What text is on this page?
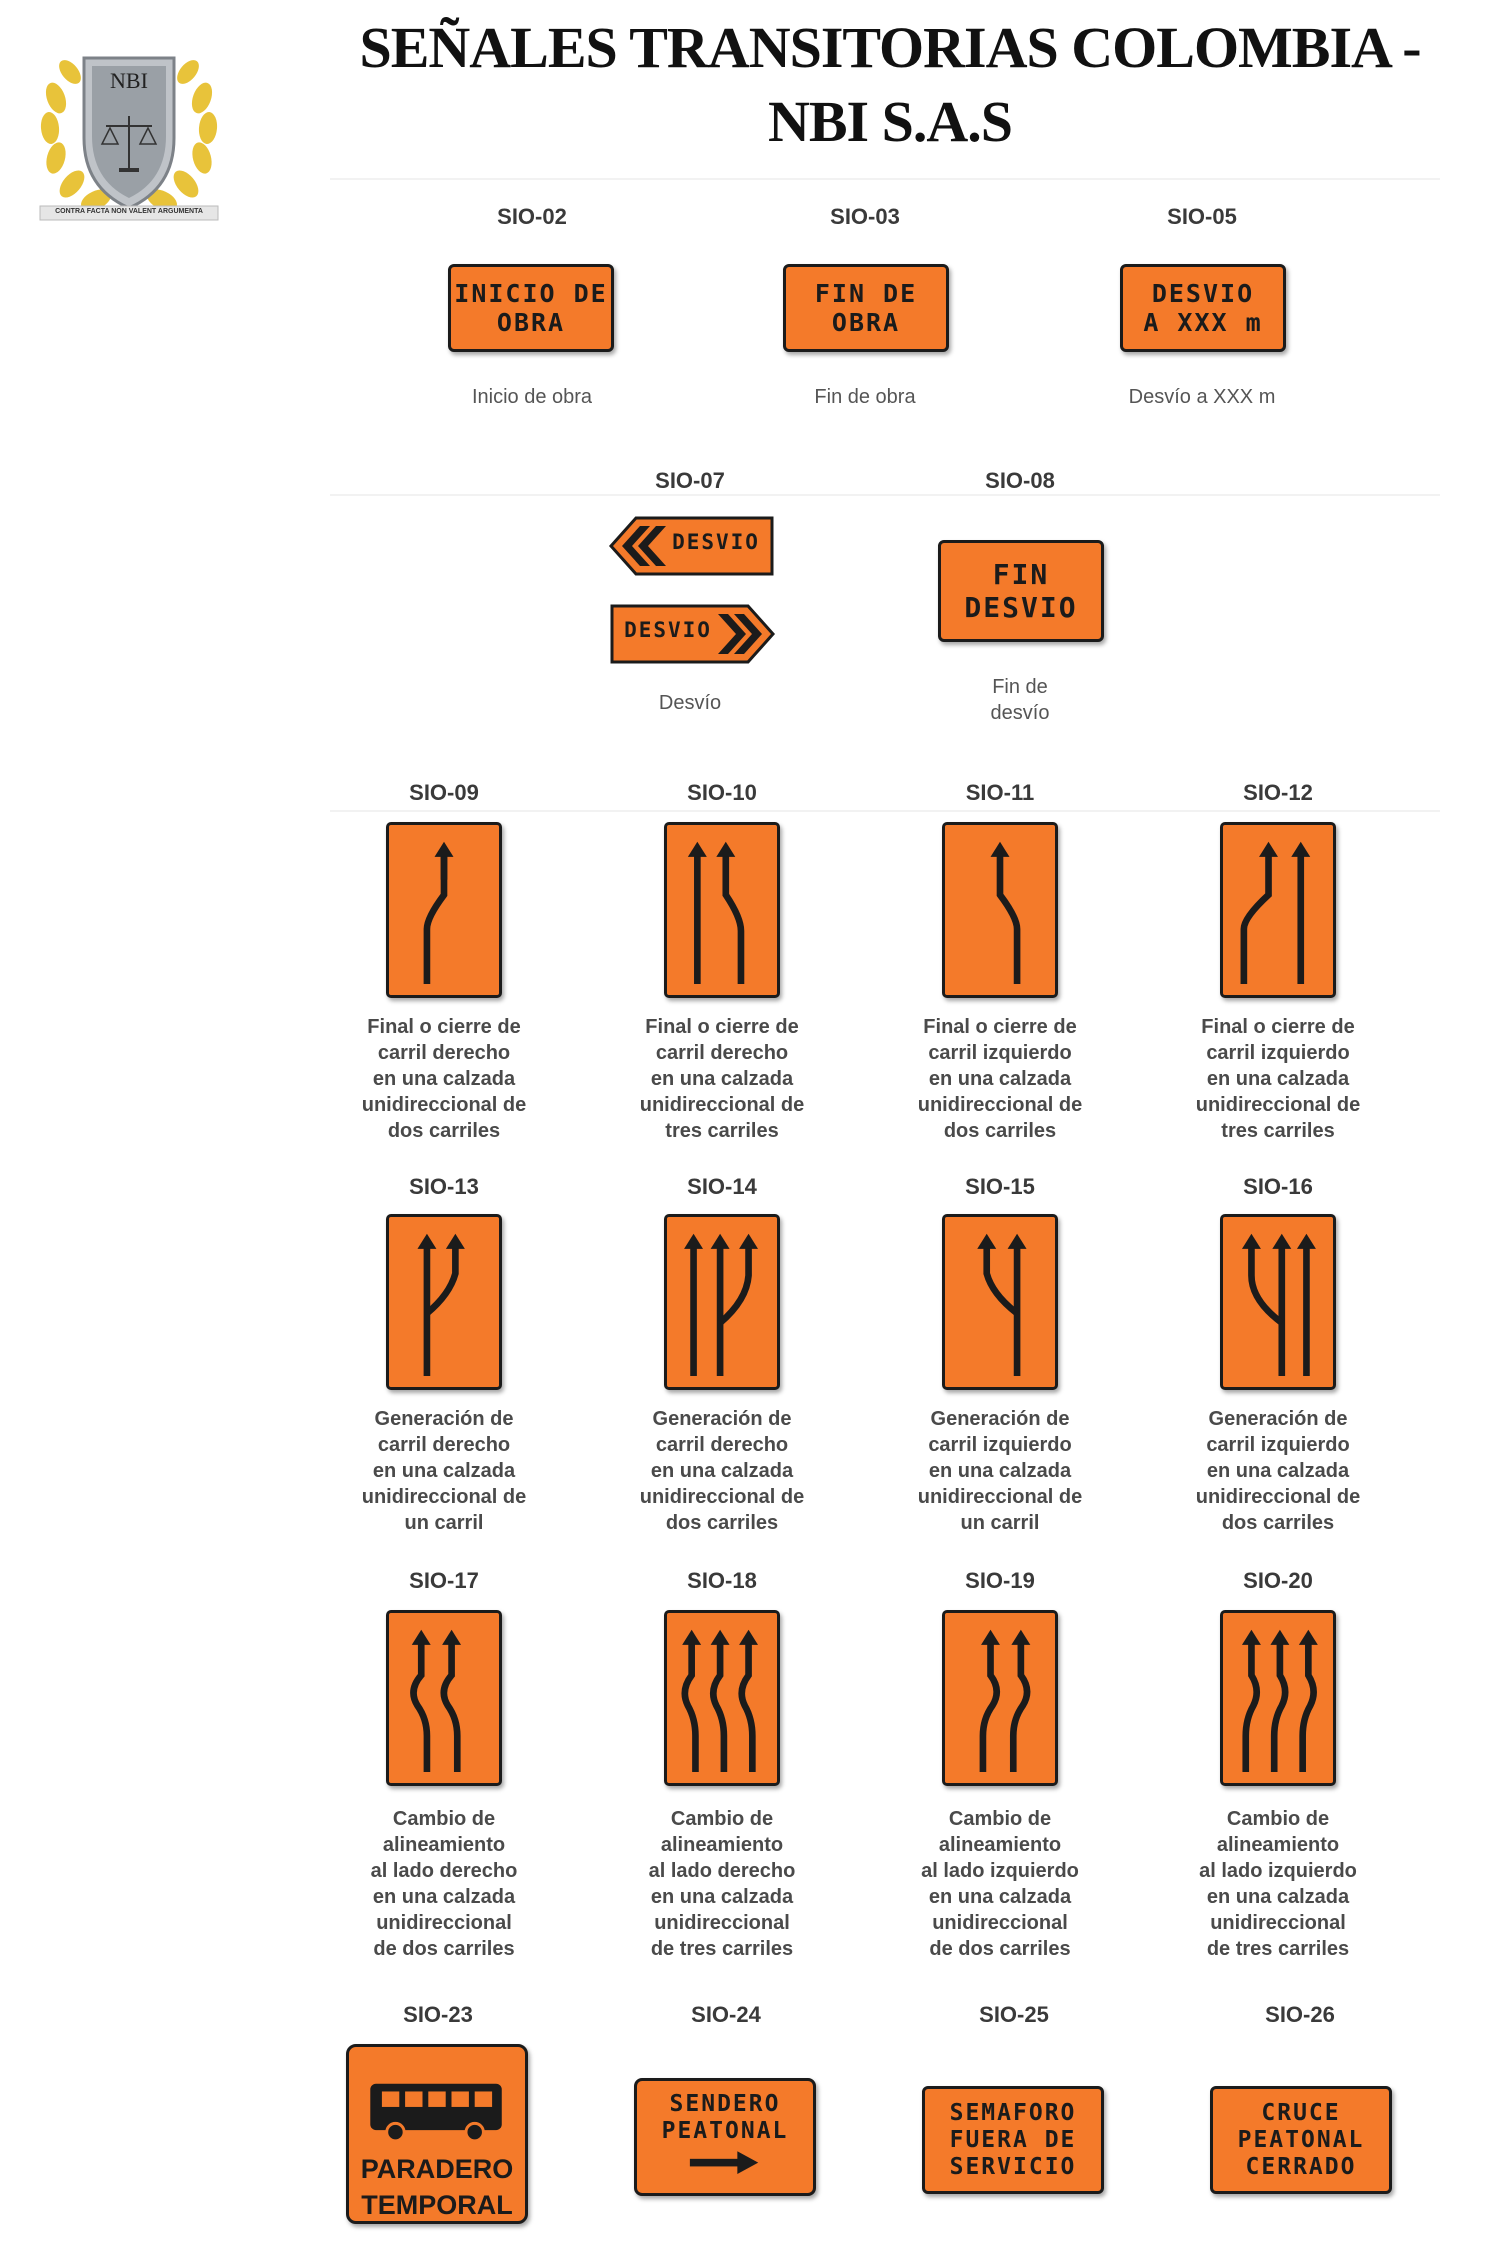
NBI
CONTRA FACTA NON VALENT ARGUMENTA
SEÑALES TRANSITORIAS COLOMBIA -
NBI S.A.S
SIO-02
INICIO DE
OBRA
Inicio de obra
SIO-03
FIN DE
OBRA
Fin de obra
SIO-05
DESVIO
A XXX m
Desvío a XXX m
SIO-07
DESVIO
DESVIO
Desvío
SIO-08
FIN
DESVIO
Fin de
desvío
SIO-09
Final o cierre de
carril derecho
en una calzada
unidireccional de
dos carriles
SIO-10
Final o cierre de
carril derecho
en una calzada
unidireccional de
tres carriles
SIO-11
Final o cierre de
carril izquierdo
en una calzada
unidireccional de
dos carriles
SIO-12
Final o cierre de
carril izquierdo
en una calzada
unidireccional de
tres carriles
SIO-13
Generación de
carril derecho
en una calzada
unidireccional de
un carril
SIO-14
Generación de
carril derecho
en una calzada
unidireccional de
dos carriles
SIO-15
Generación de
carril izquierdo
en una calzada
unidireccional de
un carril
SIO-16
Generación de
carril izquierdo
en una calzada
unidireccional de
dos carriles
SIO-17
Cambio de
alineamiento
al lado derecho
en una calzada
unidireccional
de dos carriles
SIO-18
Cambio de
alineamiento
al lado derecho
en una calzada
unidireccional
de tres carriles
SIO-19
Cambio de
alineamiento
al lado izquierdo
en una calzada
unidireccional
de dos carriles
SIO-20
Cambio de
alineamiento
al lado izquierdo
en una calzada
unidireccional
de tres carriles
SIO-23
PARADERO
TEMPORAL
SIO-24
SENDERO
PEATONAL
SIO-25
SEMAFORO
FUERA DE
SERVICIO
SIO-26
CRUCE
PEATONAL
CERRADO
